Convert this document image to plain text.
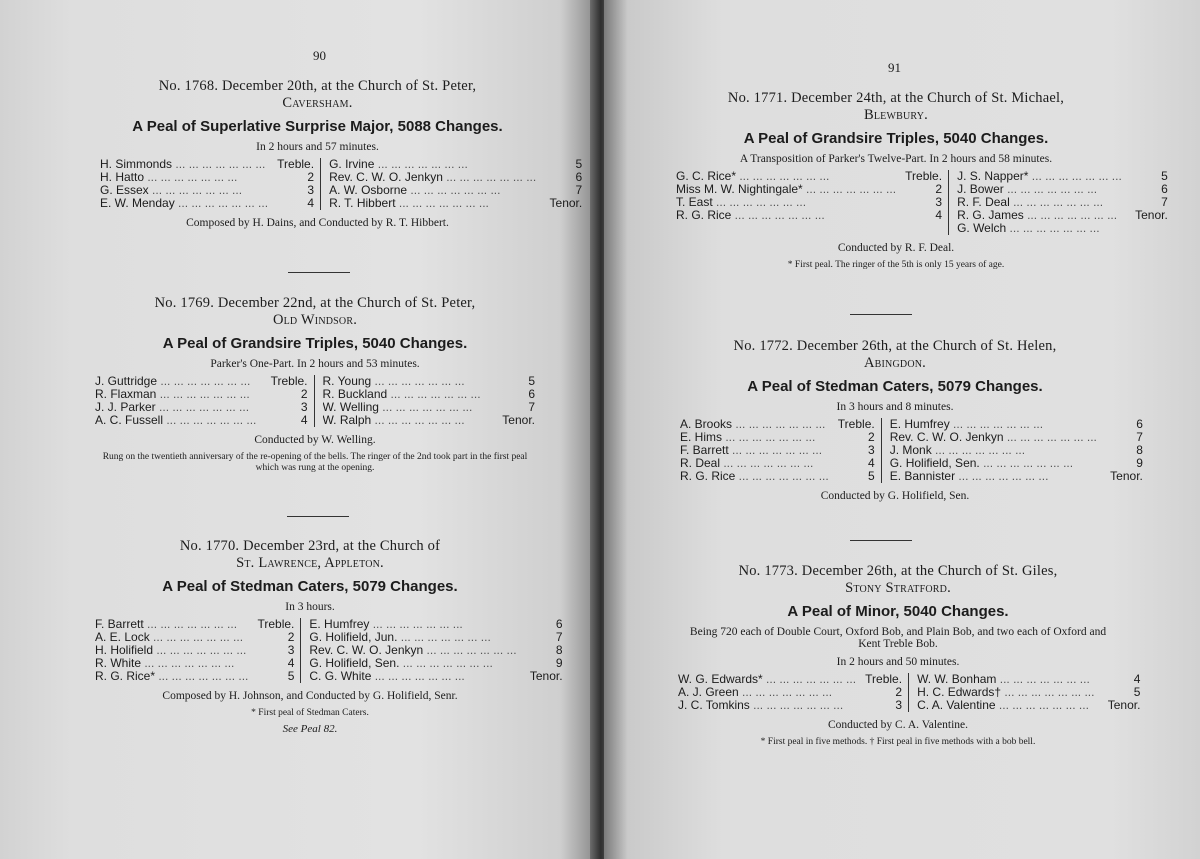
90
No. 1768. December 20th, at the Church of St. Peter,
Caversham.
A Peal of Superlative Surprise Major, 5088 Changes.
In 2 hours and 57 minutes.
H. Simmonds ... .	Treble.
H. Hatto ... .	2
G. Essex ... .	3
E. W. Menday ... .	4
G. Irvine ... .	5
Rev. C. W. O. Jenkyn ... .	6
A. W. Osborne ... .	7
R. T. Hibbert ... .	Tenor.
Composed by H. Dains, and Conducted by R. T. Hibbert.
No. 1769. December 22nd, at the Church of St. Peter,
Old Windsor.
A Peal of Grandsire Triples, 5040 Changes.
Parker's One-Part. In 2 hours and 53 minutes.
J. Guttridge ... .	Treble.
R. Flaxman ... .	2
J. J. Parker ... .	3
A. C. Fussell ... .	4
R. Young ... .	5
R. Buckland ... .	6
W. Welling ... .	7
W. Ralph ... .	Tenor.
Conducted by W. Welling.
Rung on the twentieth anniversary of the re-opening of the bells. The ringer of the 2nd took part in the first peal which was rung at the opening.
No. 1770. December 23rd, at the Church of
St. Lawrence, Appleton.
A Peal of Stedman Caters, 5079 Changes.
In 3 hours.
F. Barrett ... .	Treble.
A. E. Lock ... .	2
H. Holifield ... .	3
R. White ... .	4
R. G. Rice* ... .	5
E. Humfrey ... .	6
G. Holifield, Jun. ... .	7
Rev. C. W. O. Jenkyn ... .	8
G. Holifield, Sen. ... .	9
C. G. White ... .	Tenor.
Composed by H. Johnson, and Conducted by G. Holifield, Senr.
* First peal of Stedman Caters.
See Peal 82.
91
No. 1771. December 24th, at the Church of St. Michael,
Blewbury.
A Peal of Grandsire Triples, 5040 Changes.
A Transposition of Parker's Twelve-Part. In 2 hours and 58 minutes.
G. C. Rice* ... .	Treble.
Miss M. W. Nightingale* ... .	2
T. East ... .	3
R. G. Rice ... .	4
J. S. Napper* ... .	5
J. Bower ... .	6
R. F. Deal ... .	7
R. G. James ... .	Tenor.
G. Welch ... .
Conducted by R. F. Deal.
* First peal. The ringer of the 5th is only 15 years of age.
No. 1772. December 26th, at the Church of St. Helen,
Abingdon.
A Peal of Stedman Caters, 5079 Changes.
In 3 hours and 8 minutes.
A. Brooks ... .	Treble.
E. Hims ... .	2
F. Barrett ... .	3
R. Deal ... .	4
R. G. Rice ... .	5
E. Humfrey ... .	6
Rev. C. W. O. Jenkyn ... .	7
J. Monk ... .	8
G. Holifield, Sen. ... .	9
E. Bannister ... .	Tenor.
Conducted by G. Holifield, Sen.
No. 1773. December 26th, at the Church of St. Giles,
Stony Stratford.
A Peal of Minor, 5040 Changes.
Being 720 each of Double Court, Oxford Bob, and Plain Bob, and two each of Oxford and Kent Treble Bob.
In 2 hours and 50 minutes.
W. G. Edwards* ... .	Treble.
A. J. Green ... .	2
J. C. Tomkins ... .	3
W. W. Bonham ... .	4
H. C. Edwards† ... .	5
C. A. Valentine ... .	Tenor.
Conducted by C. A. Valentine.
* First peal in five methods. † First peal in five methods with a bob bell.
